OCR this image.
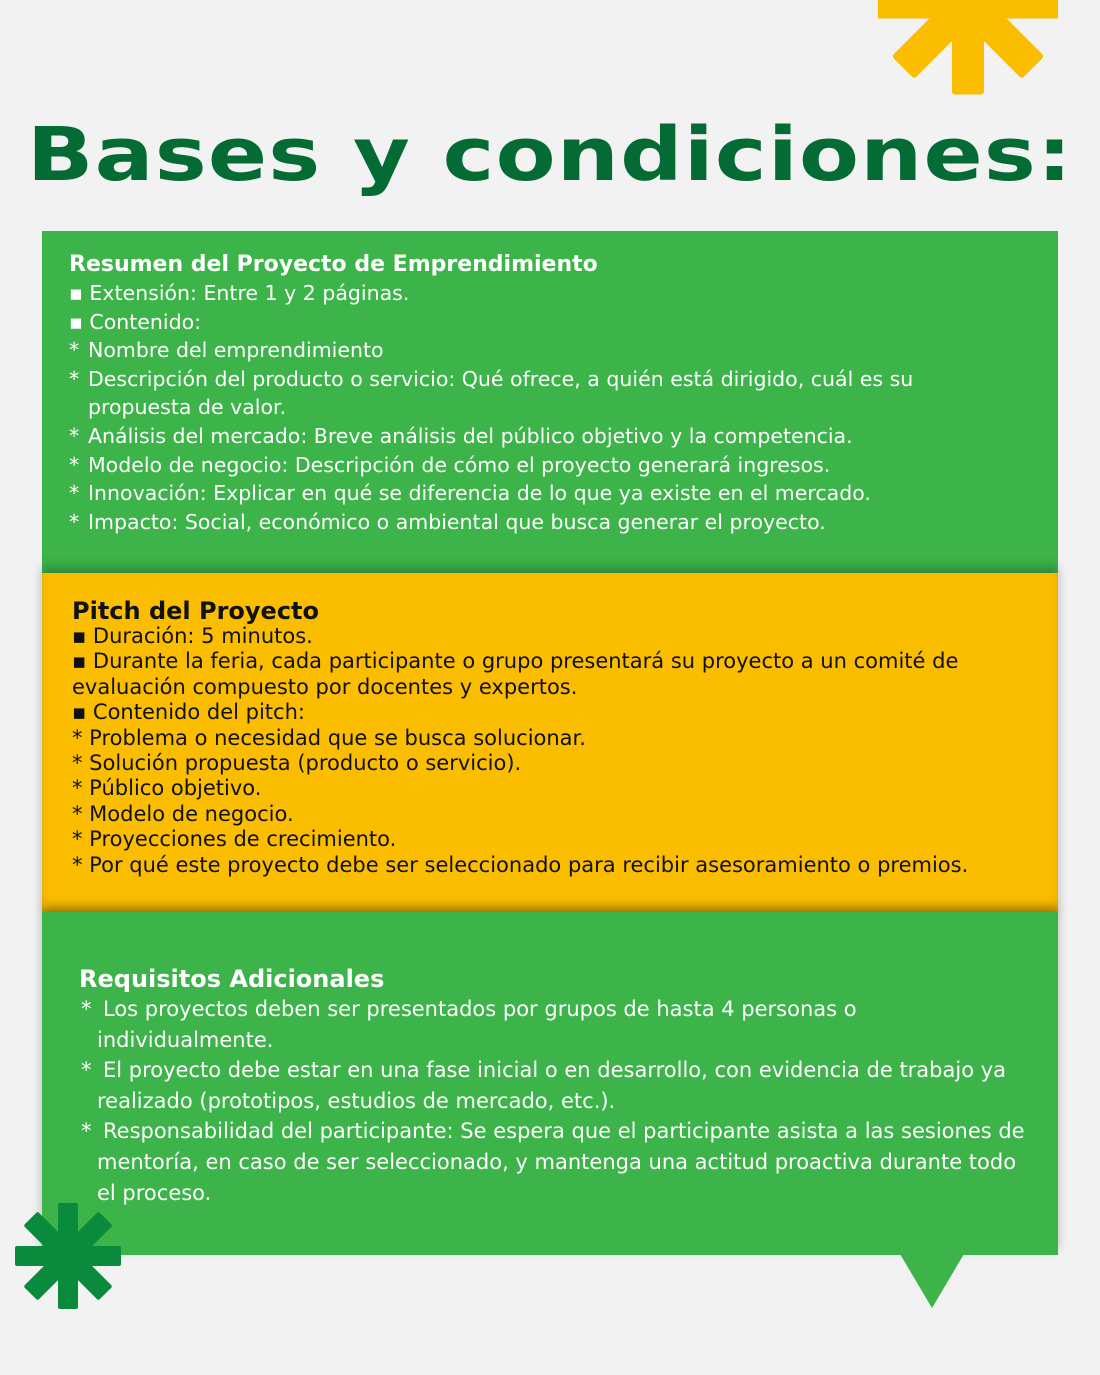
Bases y condiciones:

Resumen del Proyecto de Emprendimiento

▪ Extensión: Entre 1 y 2 páginas.
▪ Contenido:
* Nombre del emprendimiento
* Descripción del producto o servicio: Qué ofrece, a quién está dirigido, cuál es su propuesta de valor.
* Análisis del mercado: Breve análisis del público objetivo y la competencia.
* Modelo de negocio: Descripción de cómo el proyecto generará ingresos.
* Innovación: Explicar en qué se diferencia de lo que ya existe en el mercado.
* Impacto: Social, económico o ambiental que busca generar el proyecto.

Pitch del Proyecto

▪ Duración: 5 minutos.
▪ Durante la feria, cada participante o grupo presentará su proyecto a un comité de evaluación compuesto por docentes y expertos.
▪ Contenido del pitch:
* Problema o necesidad que se busca solucionar.
* Solución propuesta (producto o servicio).
* Público objetivo.
* Modelo de negocio.
* Proyecciones de crecimiento.
* Por qué este proyecto debe ser seleccionado para recibir asesoramiento o premios.

Requisitos Adicionales

* Los proyectos deben ser presentados por grupos de hasta 4 personas o individualmente.
* El proyecto debe estar en una fase inicial o en desarrollo, con evidencia de trabajo ya realizado (prototipos, estudios de mercado, etc.).
* Responsabilidad del participante: Se espera que el participante asista a las sesiones de mentoría, en caso de ser seleccionado, y mantenga una actitud proactiva durante todo el proceso.
